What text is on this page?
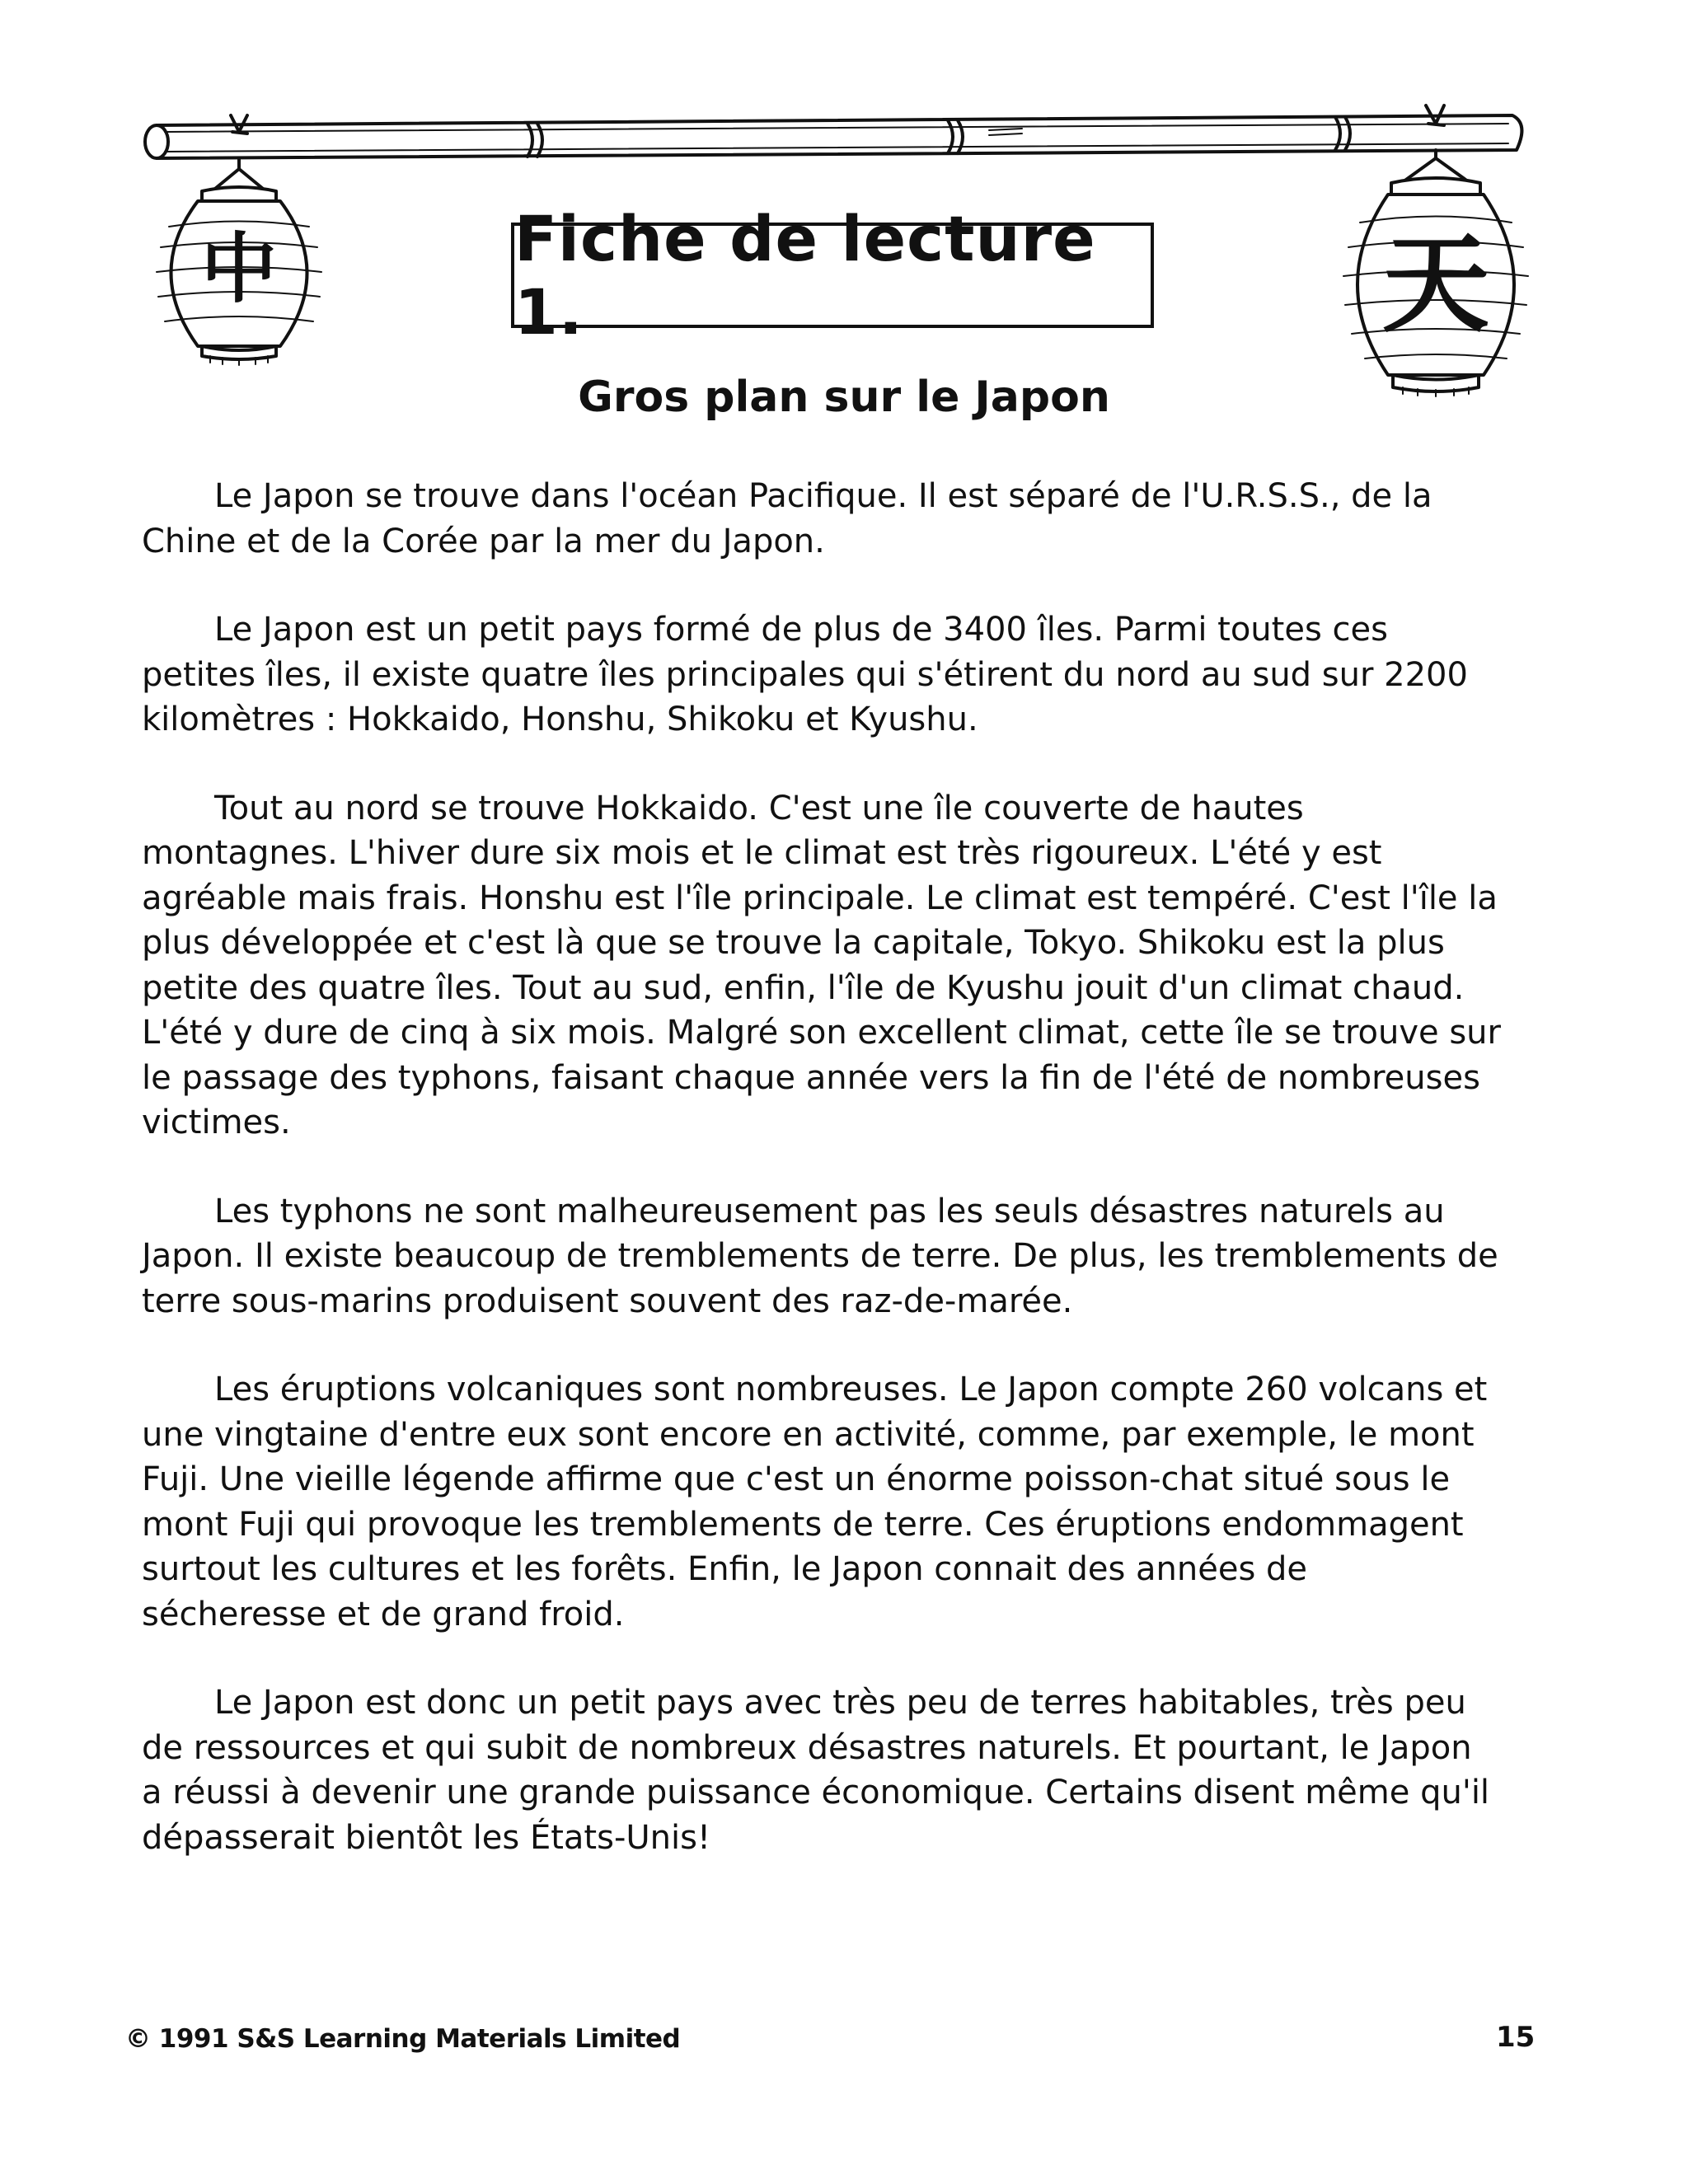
中	天
Fiche de lecture 1.
Gros plan sur le Japon

Le Japon se trouve dans l'océan Pacifique. Il est séparé de l'U.R.S.S., de la Chine et de la Corée par la mer du Japon.

Le Japon est un petit pays formé de plus de 3400 îles. Parmi toutes ces petites îles, il existe quatre îles principales qui s'étirent du nord au sud sur 2200 kilomètres : Hokkaido, Honshu, Shikoku et Kyushu.

Tout au nord se trouve Hokkaido. C'est une île couverte de hautes montagnes. L'hiver dure six mois et le climat est très rigoureux. L'été y est agréable mais frais. Honshu est l'île principale. Le climat est tempéré. C'est l'île la plus développée et c'est là que se trouve la capitale, Tokyo. Shikoku est la plus petite des quatre îles. Tout au sud, enfin, l'île de Kyushu jouit d'un climat chaud. L'été y dure de cinq à six mois. Malgré son excellent climat, cette île se trouve sur le passage des typhons, faisant chaque année vers la fin de l'été de nombreuses victimes.

Les typhons ne sont malheureusement pas les seuls désastres naturels au Japon. Il existe beaucoup de tremblements de terre. De plus, les tremblements de terre sous-marins produisent souvent des raz-de-marée.

Les éruptions volcaniques sont nombreuses. Le Japon compte 260 volcans et une vingtaine d'entre eux sont encore en activité, comme, par exemple, le mont Fuji. Une vieille légende affirme que c'est un énorme poisson-chat situé sous le mont Fuji qui provoque les tremblements de terre. Ces éruptions endommagent surtout les cultures et les forêts. Enfin, le Japon connait des années de sécheresse et de grand froid.

Le Japon est donc un petit pays avec très peu de terres habitables, très peu de ressources et qui subit de nombreux désastres naturels. Et pourtant, le Japon a réussi à devenir une grande puissance économique. Certains disent même qu'il dépasserait bientôt les États-Unis!

© 1991 S&S Learning Materials Limited	15
